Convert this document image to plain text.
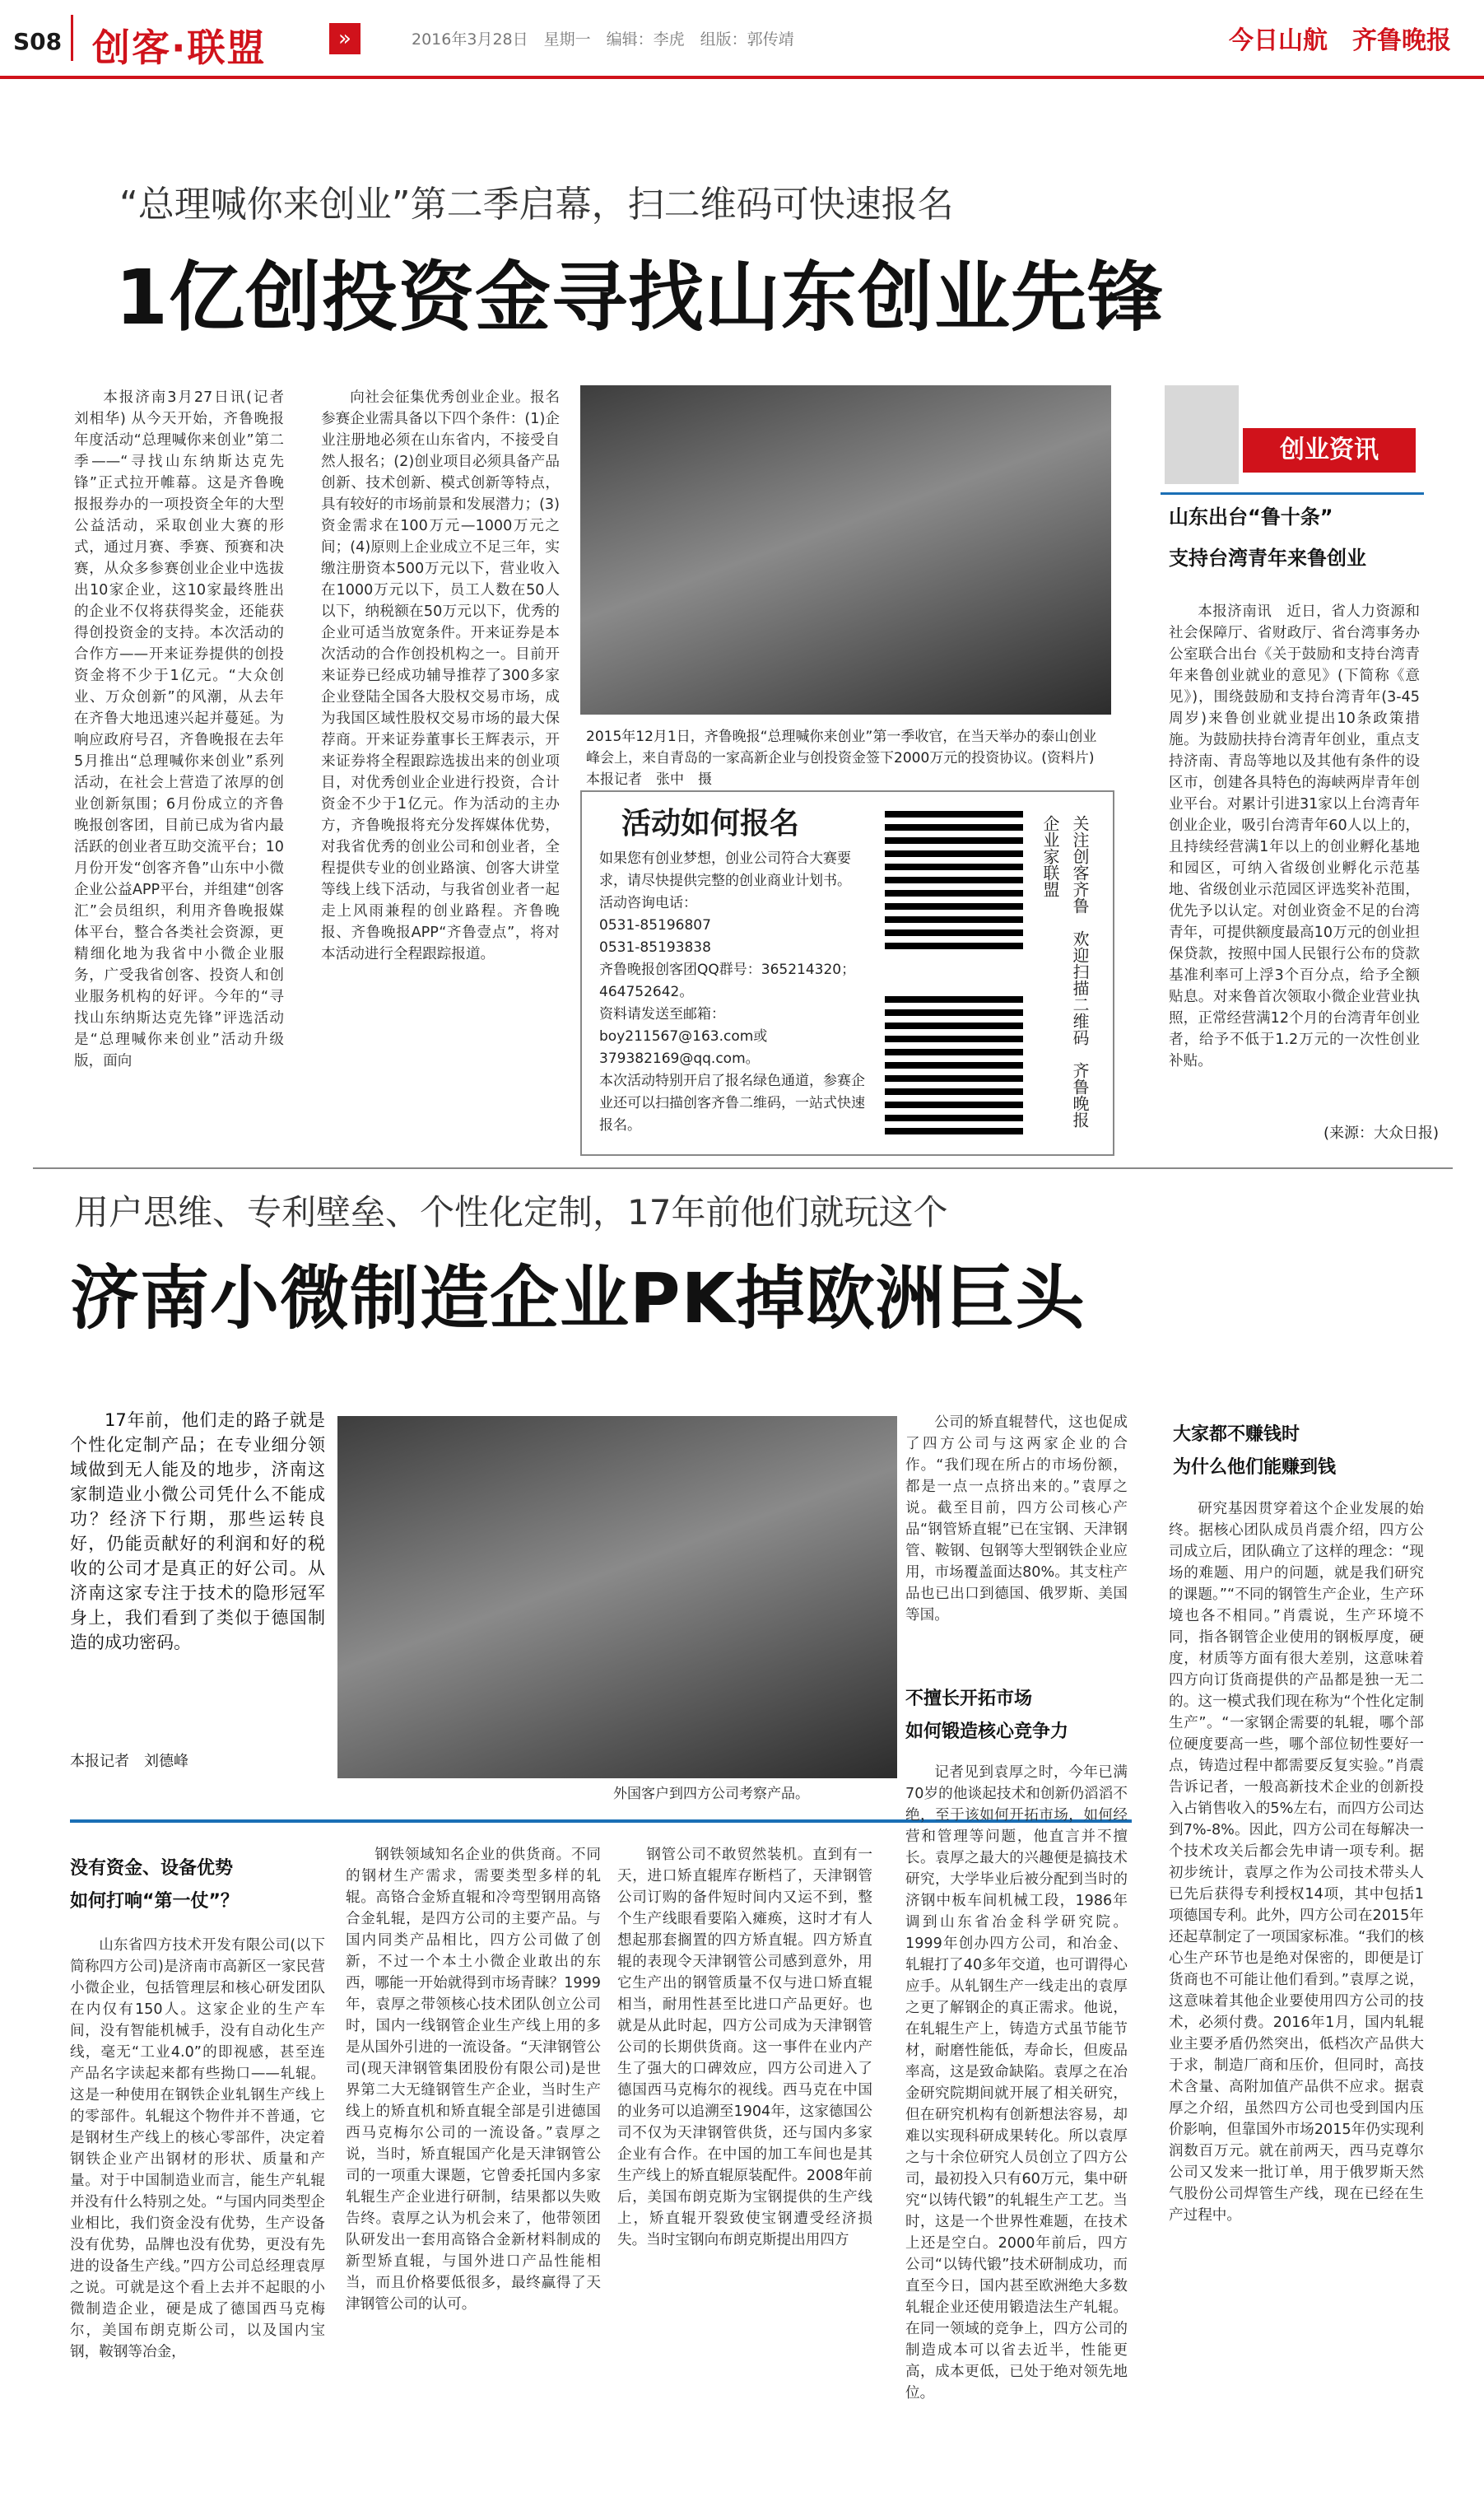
S08 创客·联盟	»	2016年3月28日　星期一　编辑：李虎　组版：郭传靖	今日山航　齐鲁晚报
“总理喊你来创业”第二季启幕，扫二维码可快速报名
1亿创投资金寻找山东创业先锋

本报济南3月27日讯(记者 刘相华) 从今天开始，齐鲁晚报年度活动“总理喊你来创业”第二季——“寻找山东纳斯达克先锋”正式拉开帷幕。这是齐鲁晚报报券办的一项投资全年的大型公益活动，采取创业大赛的形式，通过月赛、季赛、预赛和决赛，从众多参赛创业企业中选拔出10家企业，这10家最终胜出的企业不仅将获得奖金，还能获得创投资金的支持。本次活动的合作方——开来证券提供的创投资金将不少于1亿元。“大众创业、万众创新”的风潮，从去年在齐鲁大地迅速兴起并蔓延。为响应政府号召，齐鲁晚报在去年5月推出“总理喊你来创业”系列活动，在社会上营造了浓厚的创业创新氛围；6月份成立的齐鲁晚报创客团，目前已成为省内最活跃的创业者互助交流平台；10月份开发“创客齐鲁”山东中小微企业公益APP平台，并组建“创客汇”会员组织，利用齐鲁晚报媒体平台，整合各类社会资源，更精细化地为我省中小微企业服务，广受我省创客、投资人和创业服务机构的好评。今年的“寻找山东纳斯达克先锋”评选活动是“总理喊你来创业”活动升级版，面向

向社会征集优秀创业企业。报名参赛企业需具备以下四个条件：(1)企业注册地必须在山东省内，不接受自然人报名；(2)创业项目必须具备产品创新、技术创新、模式创新等特点，具有较好的市场前景和发展潜力；(3)资金需求在100万元—1000万元之间；(4)原则上企业成立不足三年，实缴注册资本500万元以下，营业收入在1000万元以下，员工人数在50人以下，纳税额在50万元以下，优秀的企业可适当放宽条件。开来证券是本次活动的合作创投机构之一。目前开来证券已经成功辅导推荐了300多家企业登陆全国各大股权交易市场，成为我国区域性股权交易市场的最大保荐商。开来证券董事长王辉表示，开来证券将全程跟踪选拔出来的创业项目，对优秀创业企业进行投资，合计资金不少于1亿元。作为活动的主办方，齐鲁晚报将充分发挥媒体优势，对我省优秀的创业公司和创业者，全程提供专业的创业路演、创客大讲堂等线上线下活动，与我省创业者一起走上风雨兼程的创业路程。齐鲁晚报、齐鲁晚报APP“齐鲁壹点”，将对本活动进行全程跟踪报道。

2015年12月1日，齐鲁晚报“总理喊你来创业”第一季收官，在当天举办的泰山创业峰会上，来自青岛的一家高新企业与创投资金签下2000万元的投资协议。(资料片)　　本报记者　张中　摄
活动如何报名
如果您有创业梦想，创业公司符合大赛要求，请尽快提供完整的创业商业计划书。
活动咨询电话：
0531-85196807
0531-85193838
齐鲁晚报创客团QQ群号：365214320；464752642。
资料请发送至邮箱：boy211567@163.com或379382169@qq.com。
本次活动特别开启了报名绿色通道，参赛企业还可以扫描创客齐鲁二维码，一站式快速报名。	关注创客齐鲁　欢迎扫描二维码　齐鲁晚报企业家联盟
创业资讯
山东出台“鲁十条”
支持台湾青年来鲁创业

本报济南讯　近日，省人力资源和社会保障厅、省财政厅、省台湾事务办公室联合出台《关于鼓励和支持台湾青年来鲁创业就业的意见》(下简称《意见》)，围绕鼓励和支持台湾青年(3-45周岁)来鲁创业就业提出10条政策措施。为鼓励扶持台湾青年创业，重点支持济南、青岛等地以及其他有条件的设区市，创建各具特色的海峡两岸青年创业平台。对累计引进31家以上台湾青年创业企业，吸引台湾青年60人以上的，且持续经营满1年以上的创业孵化基地和园区，可纳入省级创业孵化示范基地、省级创业示范园区评选奖补范围，优先予以认定。对创业资金不足的台湾青年，可提供额度最高10万元的创业担保贷款，按照中国人民银行公布的贷款基准利率可上浮3个百分点，给予全额贴息。对来鲁首次领取小微企业营业执照，正常经营满12个月的台湾青年创业者，给予不低于1.2万元的一次性创业补贴。

(来源：大众日报)
用户思维、专利壁垒、个性化定制，17年前他们就玩这个
济南小微制造企业PK掉欧洲巨头
17年前，他们走的路子就是个性化定制产品；在专业细分领域做到无人能及的地步，济南这家制造业小微公司凭什么不能成功？经济下行期，那些运转良好，仍能贡献好的利润和好的税收的公司才是真正的好公司。从济南这家专注于技术的隐形冠军身上，我们看到了类似于德国制造的成功密码。
本报记者　刘德峰
外国客户到四方公司考察产品。

公司的矫直辊替代，这也促成了四方公司与这两家企业的合作。“我们现在所占的市场份额，都是一点一点挤出来的。”袁厚之说。截至目前，四方公司核心产品“钢管矫直辊”已在宝钢、天津钢管、鞍钢、包钢等大型钢铁企业应用，市场覆盖面达80%。其支柱产品也已出口到德国、俄罗斯、美国等国。

不擅长开拓市场
如何锻造核心竞争力
大家都不赚钱时
为什么他们能赚到钱

研究基因贯穿着这个企业发展的始终。据核心团队成员肖震介绍，四方公司成立后，团队确立了这样的理念：“现场的难题、用户的问题，就是我们研究的课题。”“不同的钢管生产企业，生产环境也各不相同。”肖震说，生产环境不同，指各钢管企业使用的钢板厚度，硬度，材质等方面有很大差别，这意味着四方向订货商提供的产品都是独一无二的。这一模式我们现在称为“个性化定制生产”。“一家钢企需要的轧辊，哪个部位硬度要高一些，哪个部位韧性要好一点，铸造过程中都需要反复实验。”肖震告诉记者，一般高新技术企业的创新投入占销售收入的5%左右，而四方公司达到7%-8%。因此，四方公司在每解决一个技术攻关后都会先申请一项专利。据初步统计，袁厚之作为公司技术带头人已先后获得专利授权14项，其中包括1项德国专利。此外，四方公司在2015年还起草制定了一项国家标准。“我们的核心生产环节也是绝对保密的，即便是订货商也不可能让他们看到。”袁厚之说，这意味着其他企业要使用四方公司的技术，必须付费。2016年1月，国内轧辊业主要矛盾仍然突出，低档次产品供大于求，制造厂商和压价，但同时，高技术含量、高附加值产品供不应求。据袁厚之介绍，虽然四方公司也受到国内压价影响，但靠国外市场2015年仍实现利润数百万元。就在前两天，西马克尊尔公司又发来一批订单，用于俄罗斯天然气股份公司焊管生产线，现在已经在生产过程中。

没有资金、设备优势
如何打响“第一仗”？

山东省四方技术开发有限公司(以下简称四方公司)是济南市高新区一家民营小微企业，包括管理层和核心研发团队在内仅有150人。这家企业的生产车间，没有智能机械手，没有自动化生产线，毫无“工业4.0”的即视感，甚至连产品名字读起来都有些拗口——轧辊。这是一种使用在钢铁企业轧钢生产线上的零部件。轧辊这个物件并不普通，它是钢材生产线上的核心零部件，决定着钢铁企业产出钢材的形状、质量和产量。对于中国制造业而言，能生产轧辊并没有什么特别之处。“与国内同类型企业相比，我们资金没有优势，生产设备没有优势，品牌也没有优势，更没有先进的设备生产线。”四方公司总经理袁厚之说。可就是这个看上去并不起眼的小微制造企业，硬是成了德国西马克梅尔，美国布朗克斯公司，以及国内宝钢，鞍钢等冶金，

钢铁领域知名企业的供货商。不同的钢材生产需求，需要类型多样的轧辊。高铬合金矫直辊和冷弯型钢用高铬合金轧辊，是四方公司的主要产品。与国内同类产品相比，四方公司做了创新，不过一个本土小微企业敢出的东西，哪能一开始就得到市场青睐？1999年，袁厚之带领核心技术团队创立公司时，国内一线钢管企业生产线上用的多是从国外引进的一流设备。“天津钢管公司(现天津钢管集团股份有限公司)是世界第二大无缝钢管生产企业，当时生产线上的矫直机和矫直辊全部是引进德国西马克梅尔公司的一流设备。”袁厚之说，当时，矫直辊国产化是天津钢管公司的一项重大课题，它曾委托国内多家轧辊生产企业进行研制，结果都以失败告终。袁厚之认为机会来了，他带领团队研发出一套用高铬合金新材料制成的新型矫直辊，与国外进口产品性能相当，而且价格要低很多，最终赢得了天津钢管公司的认可。

钢管公司不敢贸然装机。直到有一天，进口矫直辊库存断档了，天津钢管公司订购的备件短时间内又运不到，整个生产线眼看要陷入瘫痪，这时才有人想起那套搁置的四方矫直辊。四方矫直辊的表现令天津钢管公司感到意外，用它生产出的钢管质量不仅与进口矫直辊相当，耐用性甚至比进口产品更好。也就是从此时起，四方公司成为天津钢管公司的长期供货商。这一事件在业内产生了强大的口碑效应，四方公司进入了德国西马克梅尔的视线。西马克在中国的业务可以追溯至1904年，这家德国公司不仅为天津钢管供货，还与国内多家企业有合作。在中国的加工车间也是其生产线上的矫直辊原装配件。2008年前后，美国布朗克斯为宝钢提供的生产线上，矫直辊开裂致使宝钢遭受经济损失。当时宝钢向布朗克斯提出用四方

记者见到袁厚之时，今年已满70岁的他谈起技术和创新仍滔滔不绝，至于该如何开拓市场，如何经营和管理等问题，他直言并不擅长。袁厚之最大的兴趣便是搞技术研究，大学毕业后被分配到当时的济钢中板车间机械工段，1986年调到山东省冶金科学研究院。1999年创办四方公司，和冶金、轧辊打了40多年交道，也可谓得心应手。从轧钢生产一线走出的袁厚之更了解钢企的真正需求。他说，在轧辊生产上，铸造方式虽节能节材，耐磨性能低，寿命长，但废品率高，这是致命缺陷。袁厚之在冶金研究院期间就开展了相关研究，但在研究机构有创新想法容易，却难以实现科研成果转化。所以袁厚之与十余位研究人员创立了四方公司，最初投入只有60万元，集中研究“以铸代锻”的轧辊生产工艺。当时，这是一个世界性难题，在技术上还是空白。2000年前后，四方公司“以铸代锻”技术研制成功，而直至今日，国内甚至欧洲绝大多数轧辊企业还使用锻造法生产轧辊。在同一领域的竞争上，四方公司的制造成本可以省去近半，性能更高，成本更低，已处于绝对领先地位。
